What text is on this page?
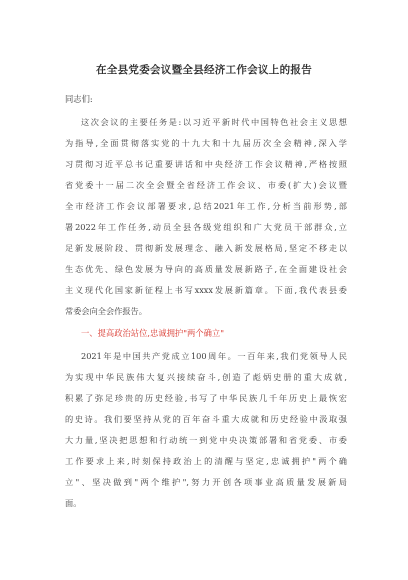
在全县党委会议暨全县经济工作会议上的报告
同志们:
这次会议的主要任务是:以习近平新时代中国特色社会主义思想
为指导,全面贯彻落实党的十九大和十九届历次全会精神,深入学
习贯彻习近平总书记重要讲话和中央经济工作会议精神,严格按照
省党委十一届二次全会暨全省经济工作会议、市委(扩大)会议暨
全市经济工作会议部署要求,总结2021年工作,分析当前形势,部
署2022年工作任务,动员全县各级党组织和广大党员干部群众,立
足新发展阶段、贯彻新发展理念、融入新发展格局,坚定不移走以
生态优先、绿色发展为导向的高质量发展新路子,在全面建设社会
主义现代化国家新征程上书写xxxx发展新篇章。下面,我代表县委
常委会向全会作报告。
一、提高政治站位,忠诚拥护"两个确立"
2021年是中国共产党成立100周年。一百年来,我们党领导人民
为实现中华民族伟大复兴接续奋斗,创造了彪炳史册的重大成就,
积累了弥足珍贵的历史经验,书写了中华民族几千年历史上最恢宏
的史诗。我们要坚持从党的百年奋斗重大成就和历史经验中汲取强
大力量,坚决把思想和行动统一到党中央决策部署和省党委、市委
工作要求上来,时刻保持政治上的清醒与坚定,忠诚拥护"两个确
立"、坚决做到"两个维护",努力开创各项事业高质量发展新局
面。
